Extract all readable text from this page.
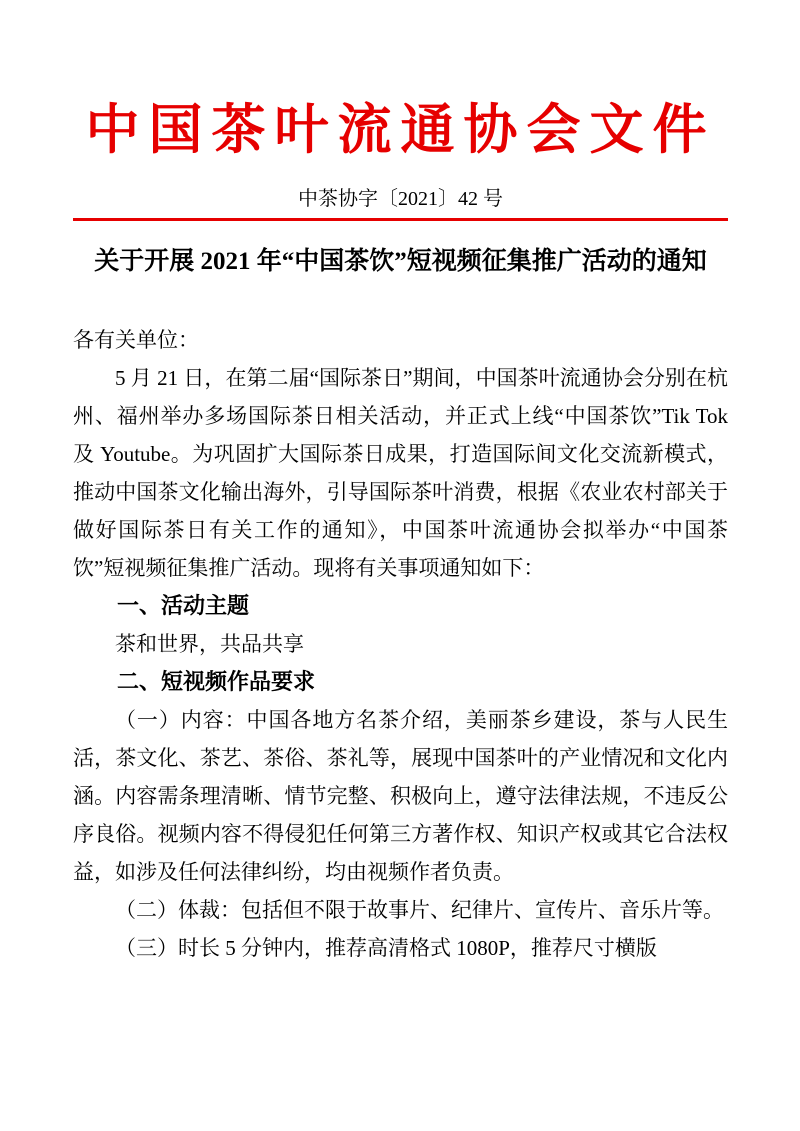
中国茶叶流通协会文件
中茶协字〔2021〕42 号
关于开展 2021 年“中国茶饮”短视频征集推广活动的通知

各有关单位：

5 月 21 日，在第二届“国际茶日”期间，中国茶叶流通协会分别在杭州、福州举办多场国际茶日相关活动，并正式上线“中国茶饮”Tik Tok 及 Youtube。为巩固扩大国际茶日成果，打造国际间文化交流新模式，推动中国茶文化输出海外，引导国际茶叶消费，根据《农业农村部关于做好国际茶日有关工作的通知》，中国茶叶流通协会拟举办“中国茶饮”短视频征集推广活动。现将有关事项通知如下：

一、活动主题

茶和世界，共品共享

二、短视频作品要求

（一）内容：中国各地方名茶介绍，美丽茶乡建设，茶与人民生活，茶文化、茶艺、茶俗、茶礼等，展现中国茶叶的产业情况和文化内涵。内容需条理清晰、情节完整、积极向上，遵守法律法规，不违反公序良俗。视频内容不得侵犯任何第三方著作权、知识产权或其它合法权益，如涉及任何法律纠纷，均由视频作者负责。

（二）体裁：包括但不限于故事片、纪律片、宣传片、音乐片等。

（三）时长 5 分钟内，推荐高清格式 1080P，推荐尺寸横版
